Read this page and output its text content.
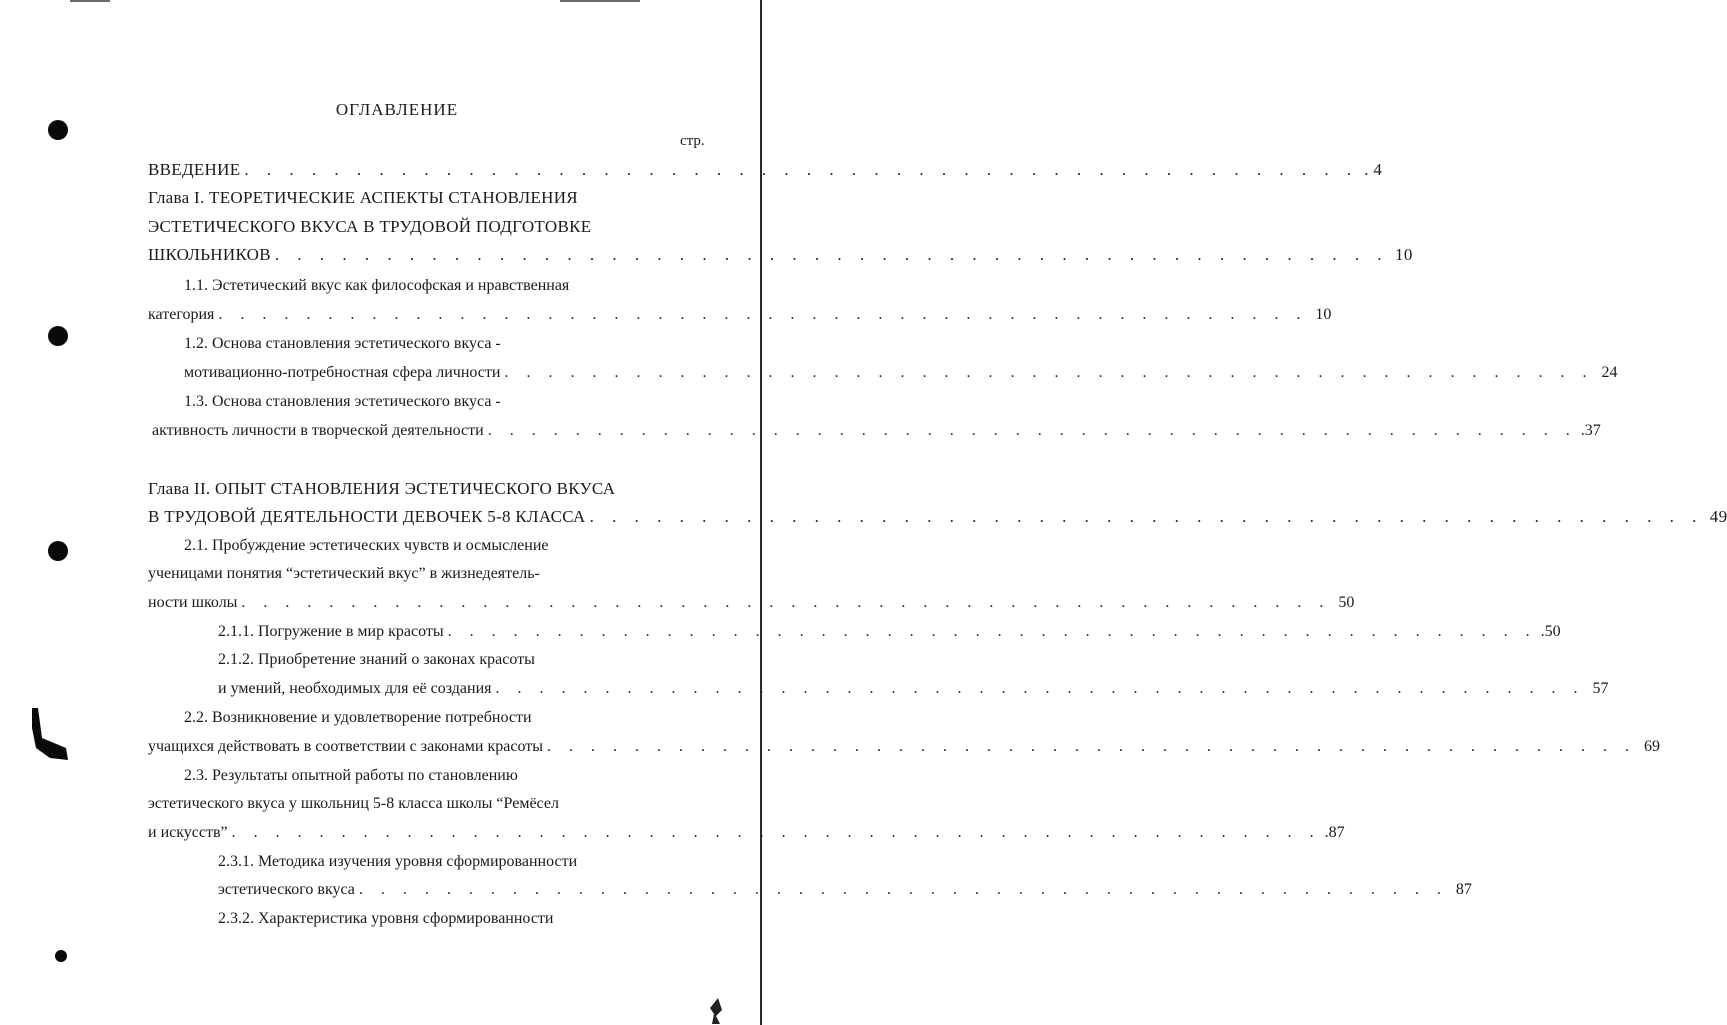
ОГЛАВЛЕНИЕ
стр.
ВВЕДЕНИЕ . . . . . . . . . . . . . . . . . . . . . . . . . . . . . . . . . . . . . . . . . . . . . . . . . . . 4
Глава I. ТЕОРЕТИЧЕСКИЕ АСПЕКТЫ СТАНОВЛЕНИЯ
ЭСТЕТИЧЕСКОГО ВКУСА В ТРУДОВОЙ ПОДГОТОВКЕ
ШКОЛЬНИКОВ . . . . . . . . . . . . . . . . . . . . . . . . . . . . . . . . . . . . . . . . . . . . . . . . . . 10
1.1. Эстетический вкус как философская и нравственная
категория . . . . . . . . . . . . . . . . . . . . . . . . . . . . . . . . . . . . . . . . . . . . . . . . . . 10
1.2. Основа становления эстетического вкуса -
мотивационно-потребностная сфера личности . . . . . . . . . . . . . . . . . . . . . . . . . . . . . . . . . . . . . . . . . . . . . . . . . . 24
1.3. Основа становления эстетического вкуса -
активность личности в творческой деятельности . . . . . . . . . . . . . . . . . . . . . . . . . . . . . . . . . . . . . . . . . . . . . . . . . . .37
Глава II. ОПЫТ СТАНОВЛЕНИЯ ЭСТЕТИЧЕСКОГО ВКУСА
В ТРУДОВОЙ ДЕЯТЕЛЬНОСТИ ДЕВОЧЕК 5-8 КЛАССА . . . . . . . . . . . . . . . . . . . . . . . . . . . . . . . . . . . . . . . . . . . . . . . . . . 49
2.1. Пробуждение эстетических чувств и осмысление
ученицами понятия “эстетический вкус” в жизнедеятель-
ности школы . . . . . . . . . . . . . . . . . . . . . . . . . . . . . . . . . . . . . . . . . . . . . . . . . . 50
2.1.1. Погружение в мир красоты . . . . . . . . . . . . . . . . . . . . . . . . . . . . . . . . . . . . . . . . . . . . . . . . . . .50
2.1.2. Приобретение знаний о законах красоты
и умений, необходимых для её создания . . . . . . . . . . . . . . . . . . . . . . . . . . . . . . . . . . . . . . . . . . . . . . . . . . 57
2.2. Возникновение и удовлетворение потребности
учащихся действовать в соответствии с законами красоты . . . . . . . . . . . . . . . . . . . . . . . . . . . . . . . . . . . . . . . . . . . . . . . . . . 69
2.3. Результаты опытной работы по становлению
эстетического вкуса у школьниц 5-8 класса школы “Ремёсел
и искусств” . . . . . . . . . . . . . . . . . . . . . . . . . . . . . . . . . . . . . . . . . . . . . . . . . . .87
2.3.1. Методика изучения уровня сформированности
эстетического вкуса . . . . . . . . . . . . . . . . . . . . . . . . . . . . . . . . . . . . . . . . . . . . . . . . . . 87
2.3.2. Характеристика уровня сформированности
